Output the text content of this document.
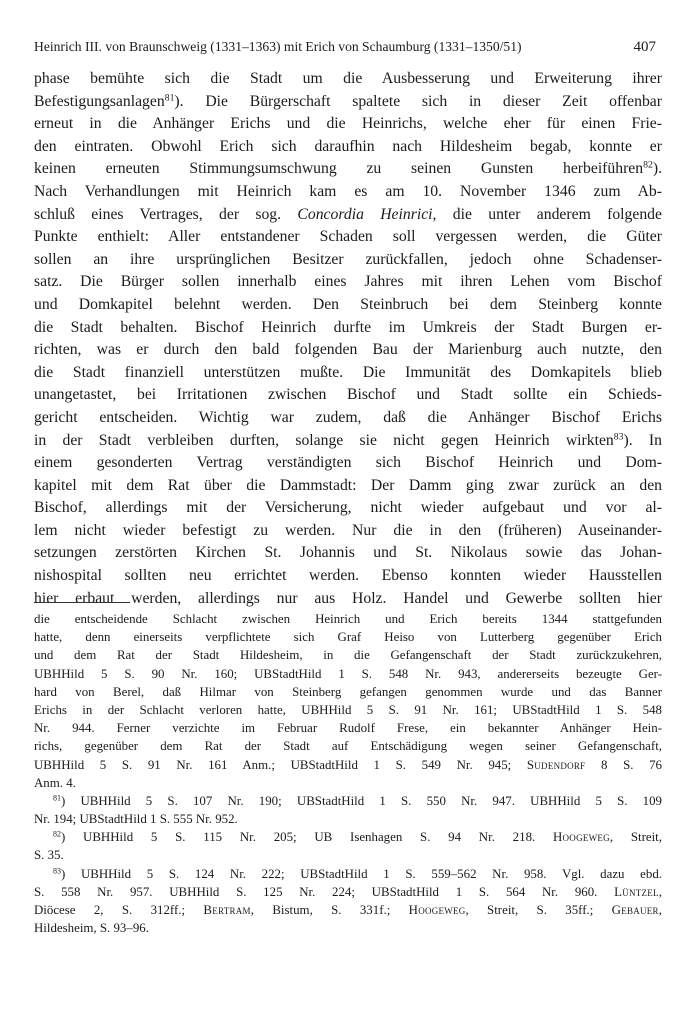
Heinrich III. von Braunschweig (1331–1363) mit Erich von Schaumburg (1331–1350/51)	407
phase bemühte sich die Stadt um die Ausbesserung und Erweiterung ihrer
Befestigungsanlagen$^{81}$). Die Bürgerschaft spaltete sich in dieser Zeit offenbar
erneut in die Anhänger Erichs und die Heinrichs, welche eher für einen Frie-
den eintraten. Obwohl Erich sich daraufhin nach Hildesheim begab, konnte er
keinen erneuten Stimmungsumschwung zu seinen Gunsten herbeiführen$^{82}$).
Nach Verhandlungen mit Heinrich kam es am 10. November 1346 zum Ab-
schluß eines Vertrages, der sog. Concordia Heinrici, die unter anderem folgende
Punkte enthielt: Aller entstandener Schaden soll vergessen werden, die Güter
sollen an ihre ursprünglichen Besitzer zurückfallen, jedoch ohne Schadenser-
satz. Die Bürger sollen innerhalb eines Jahres mit ihren Lehen vom Bischof
und Domkapitel belehnt werden. Den Steinbruch bei dem Steinberg konnte
die Stadt behalten. Bischof Heinrich durfte im Umkreis der Stadt Burgen er-
richten, was er durch den bald folgenden Bau der Marienburg auch nutzte, den
die Stadt finanziell unterstützen mußte. Die Immunität des Domkapitels blieb
unangetastet, bei Irritationen zwischen Bischof und Stadt sollte ein Schieds-
gericht entscheiden. Wichtig war zudem, daß die Anhänger Bischof Erichs
in der Stadt verbleiben durften, solange sie nicht gegen Heinrich wirkten$^{83}$). In
einem gesonderten Vertrag verständigten sich Bischof Heinrich und Dom-
kapitel mit dem Rat über die Dammstadt: Der Damm ging zwar zurück an den
Bischof, allerdings mit der Versicherung, nicht wieder aufgebaut und vor al-
lem nicht wieder befestigt zu werden. Nur die in den (früheren) Auseinander-
setzungen zerstörten Kirchen St. Johannis und St. Nikolaus sowie das Johan-
nishospital sollten neu errichtet werden. Ebenso konnten wieder Hausstellen
hier erbaut werden, allerdings nur aus Holz. Handel und Gewerbe sollten hier
die entscheidende Schlacht zwischen Heinrich und Erich bereits 1344 stattgefunden
hatte, denn einerseits verpflichtete sich Graf Heiso von Lutterberg gegenüber Erich
und dem Rat der Stadt Hildesheim, in die Gefangenschaft der Stadt zurückzukehren,
UBHHild 5 S. 90 Nr. 160; UBStadtHild 1 S. 548 Nr. 943, andererseits bezeugte Ger-
hard von Berel, daß Hilmar von Steinberg gefangen genommen wurde und das Banner
Erichs in der Schlacht verloren hatte, UBHHild 5 S. 91 Nr. 161; UBStadtHild 1 S. 548
Nr. 944. Ferner verzichte im Februar Rudolf Frese, ein bekannter Anhänger Hein-
richs, gegenüber dem Rat der Stadt auf Entschädigung wegen seiner Gefangenschaft,
UBHHild 5 S. 91 Nr. 161 Anm.; UBStadtHild 1 S. 549 Nr. 945; Sudendorf 8 S. 76
Anm. 4.
$^{81}$) UBHHild 5 S. 107 Nr. 190; UBStadtHild 1 S. 550 Nr. 947. UBHHild 5 S. 109
Nr. 194; UBStadtHild 1 S. 555 Nr. 952.
$^{82}$) UBHHild 5 S. 115 Nr. 205; UB Isenhagen S. 94 Nr. 218. Hoogeweg, Streit,
S. 35.
$^{83}$) UBHHild 5 S. 124 Nr. 222; UBStadtHild 1 S. 559–562 Nr. 958. Vgl. dazu ebd.
S. 558 Nr. 957. UBHHild S. 125 Nr. 224; UBStadtHild 1 S. 564 Nr. 960. Lüntzel,
Diöcese 2, S. 312ff.; Bertram, Bistum, S. 331f.; Hoogeweg, Streit, S. 35ff.; Gebauer,
Hildesheim, S. 93–96.
